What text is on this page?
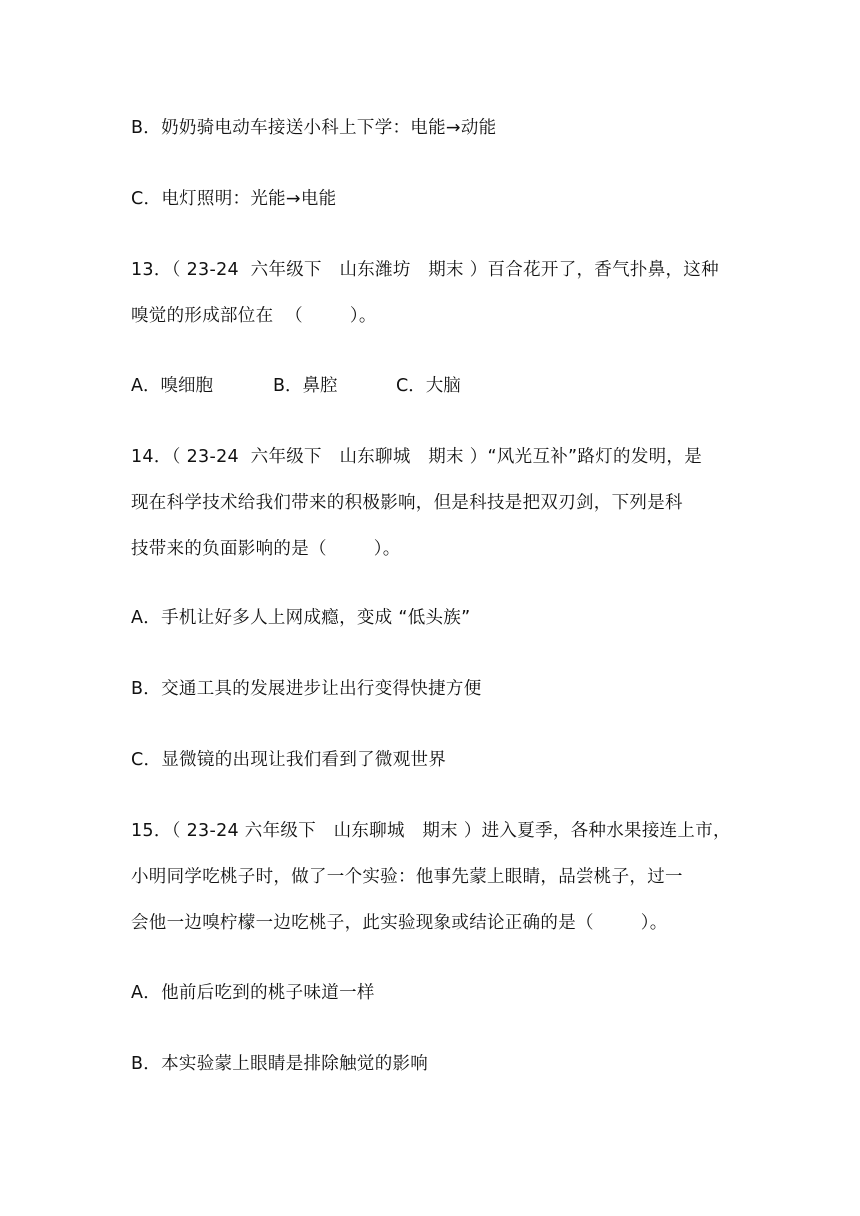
B．奶奶骑电动车接送小科上下学：电能→动能
C．电灯照明：光能→电能
13．（ 23-24  六年级下   山东潍坊   期末 ）百合花开了，香气扑鼻，这种
嗅觉的形成部位在  （        ）。

A．嗅细胞

	B．鼻腔

	C．大脑

14．（ 23-24  六年级下   山东聊城   期末 ）“风光互补”路灯的发明，是
现在科学技术给我们带来的积极影响，但是科技是把双刃剑，下列是科
技带来的负面影响的是（        ）。
A．手机让好多人上网成瘾，变成 “低头族”
B．交通工具的发展进步让出行变得快捷方便
C．显微镜的出现让我们看到了微观世界
15．（ 23-24 六年级下   山东聊城   期末 ）进入夏季，各种水果接连上市，
小明同学吃桃子时，做了一个实验：他事先蒙上眼睛，品尝桃子，过一
会他一边嗅柠檬一边吃桃子，此实验现象或结论正确的是（        ）。
A．他前后吃到的桃子味道一样
B．本实验蒙上眼睛是排除触觉的影响
